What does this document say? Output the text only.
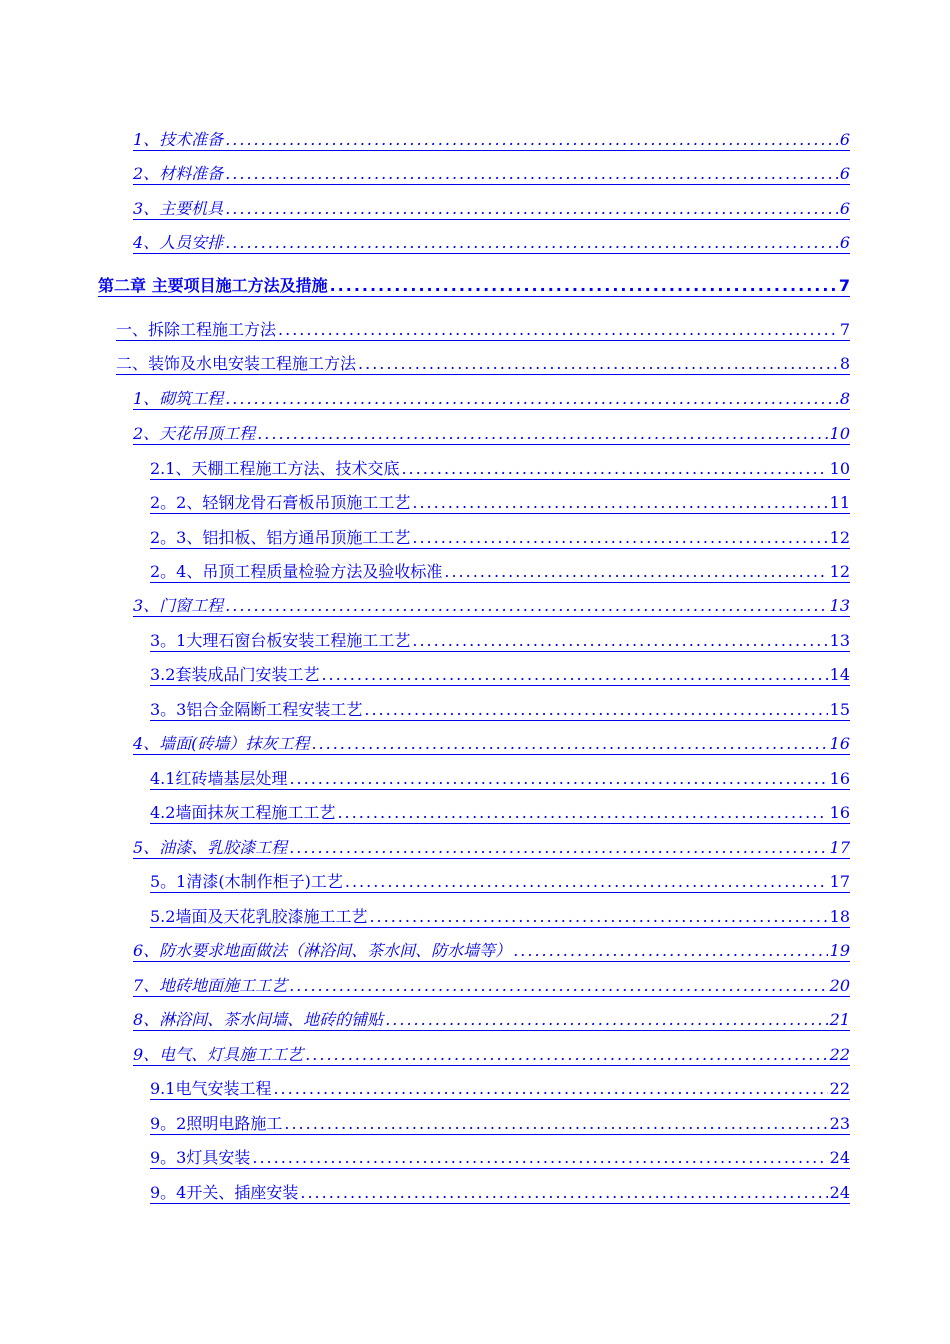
1、技术准备 .....	6
2、材料准备 .....	6
3、主要机具 .....	6
4、人员安排 .....	6
第二章 主要项目施工方法及措施 .....	7
一、拆除工程施工方法 .....	7
二、装饰及水电安装工程施工方法 .....	8
1、砌筑工程 .....	8
2、天花吊顶工程 .....	10
2.1、天棚工程施工方法、技术交底 .....	10
2。2、轻钢龙骨石膏板吊顶施工工艺 .....	11
2。3、铝扣板、铝方通吊顶施工工艺 .....	12
2。4、吊顶工程质量检验方法及验收标准 .....	12
3、门窗工程 .....	13
3。1大理石窗台板安装工程施工工艺 .....	13
3.2套装成品门安装工艺 .....	14
3。3铝合金隔断工程安装工艺 .....	15
4、墙面(砖墙）抹灰工程 .....	16
4.1红砖墙基层处理 .....	16
4.2墙面抹灰工程施工工艺 .....	16
5、油漆、乳胶漆工程 .....	17
5。1清漆(木制作柜子)工艺 .....	17
5.2墙面及天花乳胶漆施工工艺 .....	18
6、防水要求地面做法（淋浴间、茶水间、防水墙等） .....	19
7、地砖地面施工工艺 .....	20
8、淋浴间、茶水间墙、地砖的铺贴 .....	21
9、电气、灯具施工工艺 .....	22
9.1电气安装工程 .....	22
9。2照明电路施工 .....	23
9。3灯具安装 .....	24
9。4开关、插座安装 .....	24
